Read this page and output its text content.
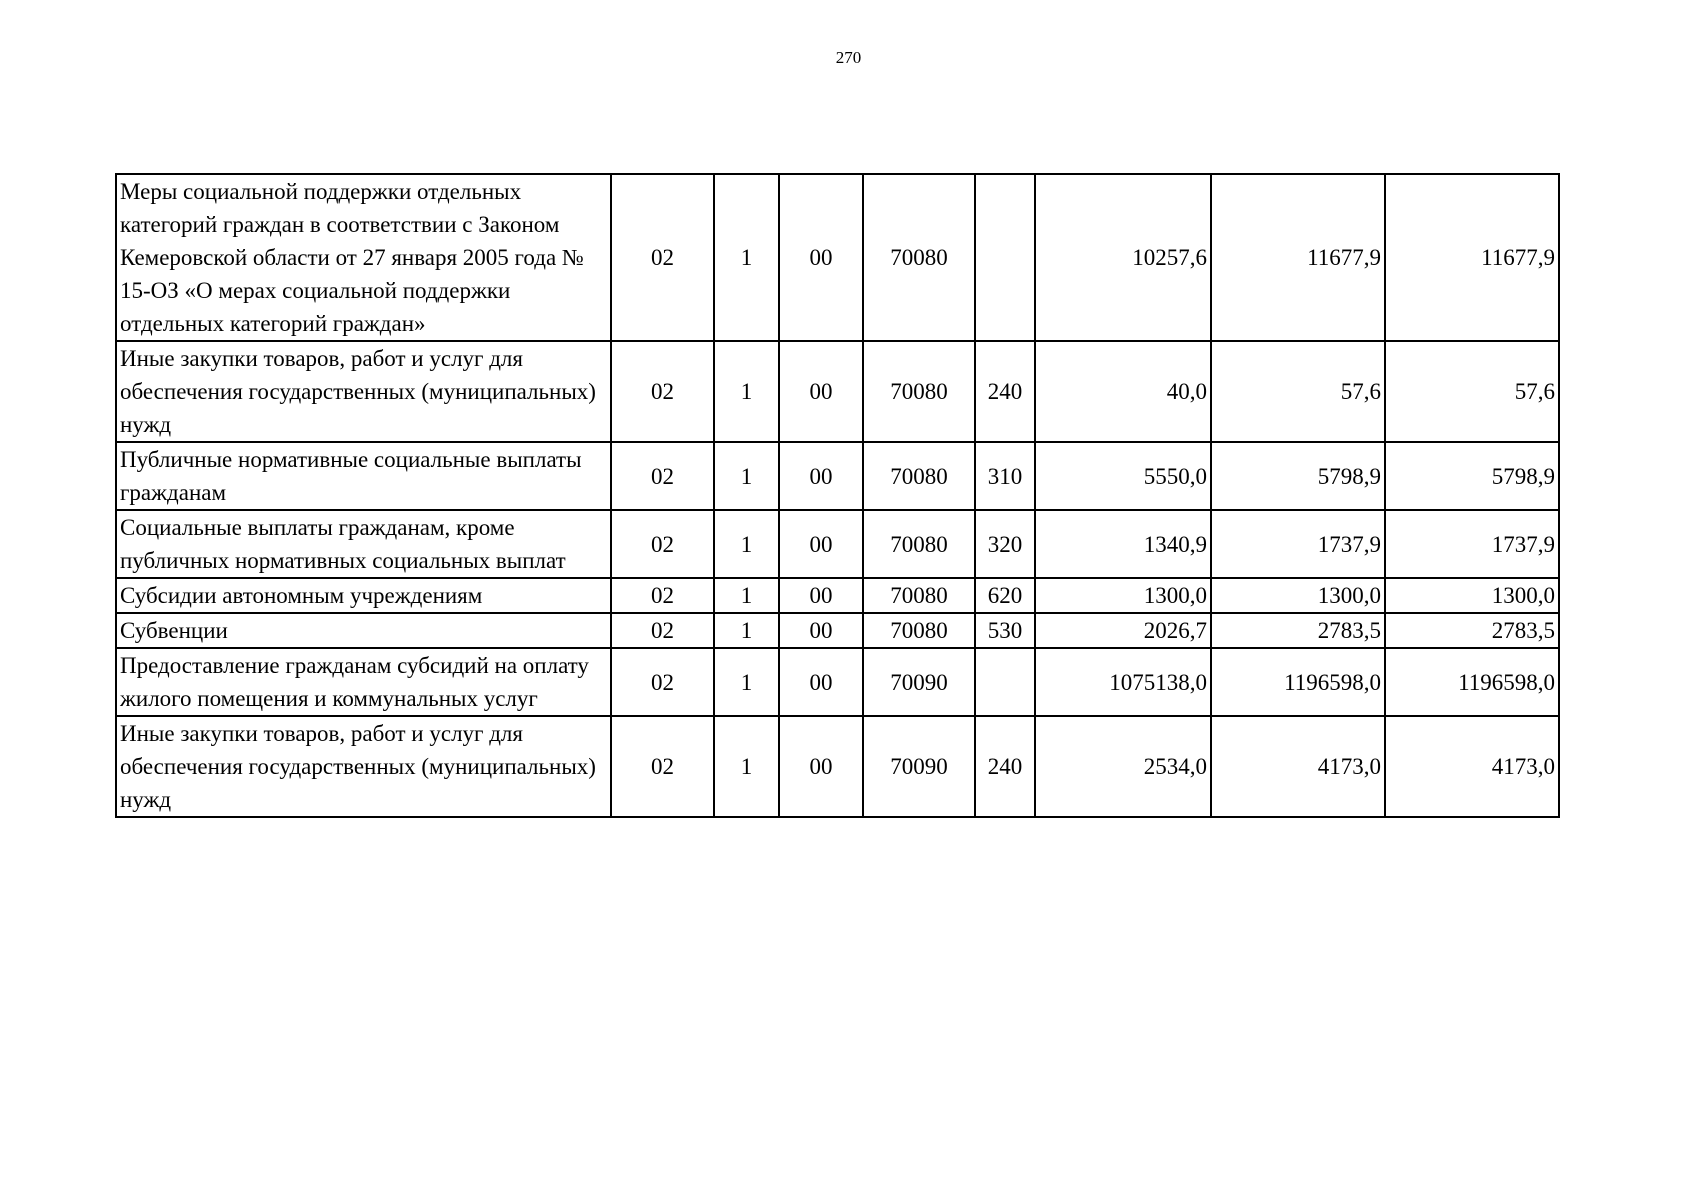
270
Меры социальной поддержки отдельных категорий граждан в соответствии с Законом Кемеровской области от 27 января 2005 года № 15-ОЗ «О мерах социальной поддержки отдельных категорий граждан»	02	1	00	70080		10257,6	11677,9	11677,9
Иные закупки товаров, работ и услуг для обеспечения государственных (муниципальных) нужд	02	1	00	70080	240	40,0	57,6	57,6
Публичные нормативные социальные выплаты гражданам	02	1	00	70080	310	5550,0	5798,9	5798,9
Социальные выплаты гражданам, кроме публичных нормативных социальных выплат	02	1	00	70080	320	1340,9	1737,9	1737,9
Субсидии автономным учреждениям	02	1	00	70080	620	1300,0	1300,0	1300,0
Субвенции	02	1	00	70080	530	2026,7	2783,5	2783,5
Предоставление гражданам субсидий на оплату жилого помещения и коммунальных услуг	02	1	00	70090		1075138,0	1196598,0	1196598,0
Иные закупки товаров, работ и услуг для обеспечения государственных (муниципальных) нужд	02	1	00	70090	240	2534,0	4173,0	4173,0
